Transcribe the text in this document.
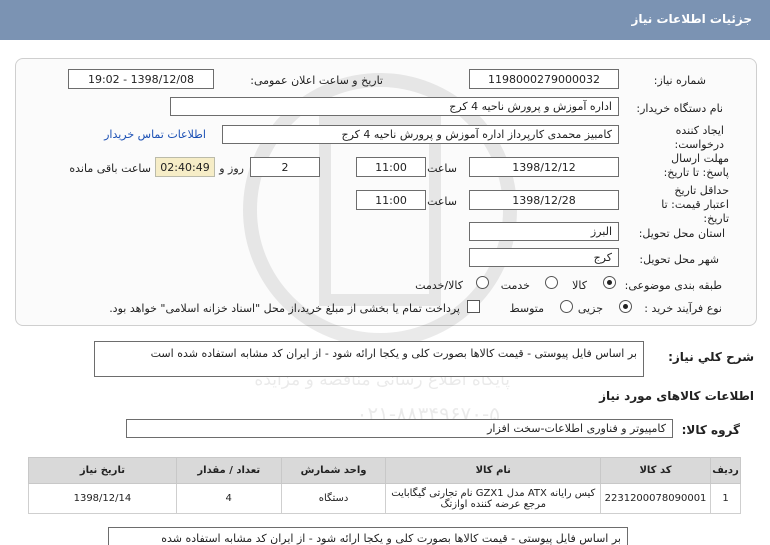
جزئیات اطلاعات نیاز
پایگاه اطلاع رسانی مناقصه و مزایده
۰۲۱-۸۸۳۴۹۶۷۰-۵
شماره نیاز:
1198000279000032
تاریخ و ساعت اعلان عمومی:
1398/12/08 - 19:02
نام دستگاه خریدار:
اداره آموزش و پرورش ناحیه 4 کرج
ایجاد کننده درخواست:
کامبیز محمدی کارپرداز اداره آموزش و پرورش ناحیه 4 کرج
اطلاعات تماس خریدار
مهلت ارسال پاسخ: تا تاریخ:
1398/12/12
ساعت
11:00
2
روز و
02:40:49
ساعت باقی مانده
حداقل تاریخ اعتبار قیمت: تا تاریخ:
1398/12/28
ساعت
11:00
استان محل تحویل:
البرز
شهر محل تحویل:
کرج
طبقه بندی موضوعی:
کالا
خدمت
کالا/خدمت
نوع فرآیند خرید :
جزیی
متوسط
پرداخت تمام یا بخشی از مبلغ خرید،از محل "اسناد خزانه اسلامی" خواهد بود.
شرح کلي نياز:
بر اساس فایل پیوستی - قیمت کالاها بصورت کلی و یکجا ارائه شود - از ایران کد مشابه استفاده شده است
اطلاعات کالاهای مورد نیاز
گروه کالا:
کامپیوتر و فناوری اطلاعات-سخت افزار
ردیف	کد کالا	نام کالا	واحد شمارش	تعداد / مقدار	تاریخ نیاز
1	2231200078090001	کیس رایانه ATX مدل GZX1 نام تجارتی گیگابایت مرجع عرضه کننده اوازتگ	دستگاه	4	1398/12/14
بر اساس فایل پیوستی - قیمت کالاها بصورت کلی و یکجا ارائه شود - از ایران کد مشابه استفاده شده
